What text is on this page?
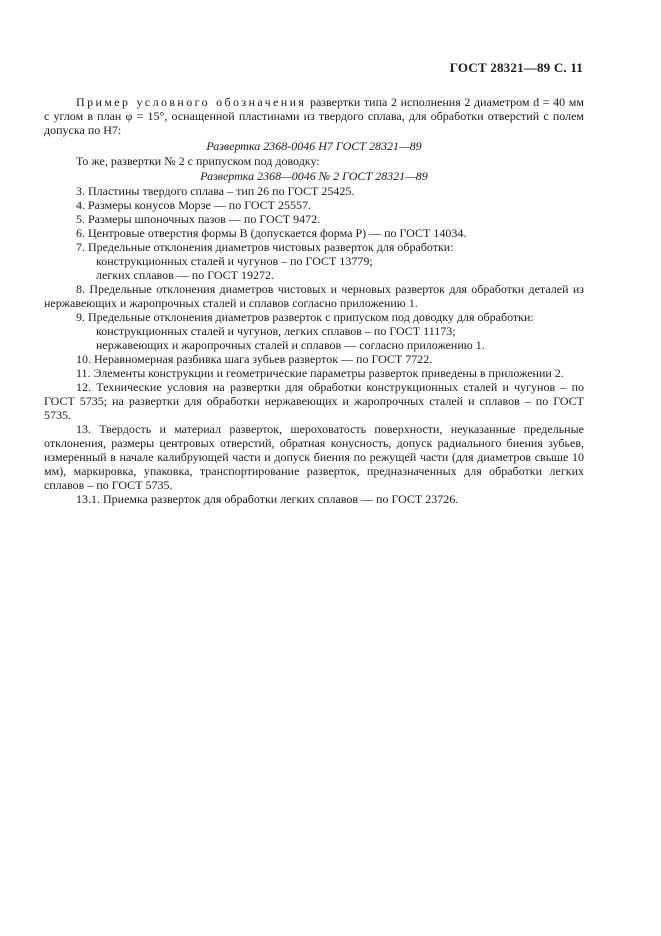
ГОСТ 28321—89 С. 11

Пример условного обозначения развертки типа 2 исполнения 2 диаметром d = 40 мм с углом в план φ = 15°, оснащенной пластинами из твердого сплава, для обработки отверстий с полем допуска по H7:

Развертка 2368-0046 H7 ГОСТ 28321—89

То же, развертки № 2 с припуском под доводку:

Развертка 2368—0046 № 2 ГОСТ 28321—89

3. Пластины твердого сплава – тип 26 по ГОСТ 25425.

4. Размеры конусов Морзе — по ГОСТ 25557.

5. Размеры шпоночных пазов — по ГОСТ 9472.

6. Центровые отверстия формы В (допускается форма Р) — по ГОСТ 14034.

7. Предельные отклонения диаметров чистовых разверток для обработки:

конструкционных сталей и чугунов – по ГОСТ 13779;

легких сплавов — по ГОСТ 19272.

8. Предельные отклонения диаметров чистовых и черновых разверток для обработки деталей из нержавеющих и жаропрочных сталей и сплавов согласно приложению 1.

9. Предельные отклонения диаметров разверток с припуском под доводку для обработки:

конструкционных сталей и чугунов, легких сплавов – по ГОСТ 11173;

нержавеющих и жаропрочных сталей и сплавов — согласно приложению 1.

10. Неравномерная разбивка шага зубьев разверток — по ГОСТ 7722.

11. Элементы конструкции и геометрические параметры разверток приведены в приложении 2.

12. Технические условия на развертки для обработки конструкционных сталей и чугунов – по ГОСТ 5735; на развертки для обработки нержавеющих и жаропрочных сталей и сплавов – по ГОСТ 5735.

13. Твердость и материал разверток, шероховатость поверхности, неуказанные предельные отклонения, размеры центровых отверстий, обратная конусность, допуск радиального биения зубьев, измеренный в начале калибрующей части и допуск биения по режущей части (для диаметров свыше 10 мм), маркировка, упаковка, транспортирование разверток, предназначенных для обработки легких сплавов – по ГОСТ 5735.

13.1. Приемка разверток для обработки легких сплавов — по ГОСТ 23726.
